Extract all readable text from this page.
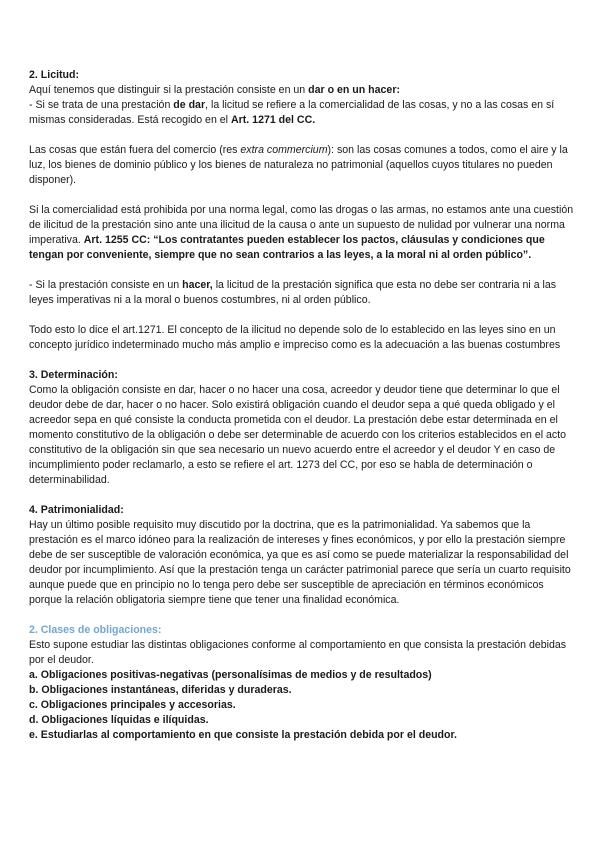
2. Licitud:
Aquí tenemos que distinguir si la prestación consiste en un dar o en un hacer:
- Si se trata de una prestación de dar, la licitud se refiere a la comercialidad de las cosas, y no a las cosas en sí mismas consideradas. Está recogido en el Art. 1271 del CC.

Las cosas que están fuera del comercio (res extra commercium): son las cosas comunes a todos, como el aire y la luz, los bienes de dominio público y los bienes de naturaleza no patrimonial (aquellos cuyos titulares no pueden disponer).

Si la comercialidad está prohibida por una norma legal, como las drogas o las armas, no estamos ante una cuestión de ilicitud de la prestación sino ante una ilicitud de la causa o ante un supuesto de nulidad por vulnerar una norma imperativa. Art. 1255 CC: “Los contratantes pueden establecer los pactos, cláusulas y condiciones que tengan por conveniente, siempre que no sean contrarios a las leyes, a la moral ni al orden público”.

- Si la prestación consiste en un hacer, la licitud de la prestación significa que esta no debe ser contraria ni a las leyes imperativas ni a la moral o buenos costumbres, ni al orden público.

Todo esto lo dice el art.1271. El concepto de la ilicitud no depende solo de lo establecido en las leyes sino en un concepto jurídico indeterminado mucho más amplio e impreciso como es la adecuación a las buenas costumbres

3. Determinación:
Como la obligación consiste en dar, hacer o no hacer una cosa, acreedor y deudor tiene que determinar lo que el deudor debe de dar, hacer o no hacer. Solo existirá obligación cuando el deudor sepa a qué queda obligado y el acreedor sepa en qué consiste la conducta prometida con el deudor. La prestación debe estar determinada en el momento constitutivo de la obligación o debe ser determinable de acuerdo con los criterios establecidos en el acto constitutivo de la obligación sin que sea necesario un nuevo acuerdo entre el acreedor y el deudor Y en caso de incumplimiento poder reclamarlo, a esto se refiere el art. 1273 del CC, por eso se habla de determinación o determinabilidad.

4. Patrimonialidad:
Hay un último posible requisito muy discutido por la doctrina, que es la patrimonialidad. Ya sabemos que la prestación es el marco idóneo para la realización de intereses y fines económicos, y por ello la prestación siempre debe de ser susceptible de valoración económica, ya que es así como se puede materializar la responsabilidad del deudor por incumplimiento. Así que la prestación tenga un carácter patrimonial parece que sería un cuarto requisito aunque puede que en principio no lo tenga pero debe ser susceptible de apreciación en términos económicos porque la relación obligatoria siempre tiene que tener una finalidad económica.

2. Clases de obligaciones:
Esto supone estudiar las distintas obligaciones conforme al comportamiento en que consista la prestación debidas por el deudor.
a. Obligaciones positivas-negativas (personalísimas de medios y de resultados)
b. Obligaciones instantáneas, diferidas y duraderas.
c. Obligaciones principales y accesorias.
d. Obligaciones líquidas e ilíquidas.
e. Estudiarlas al comportamiento en que consiste la prestación debida por el deudor.
